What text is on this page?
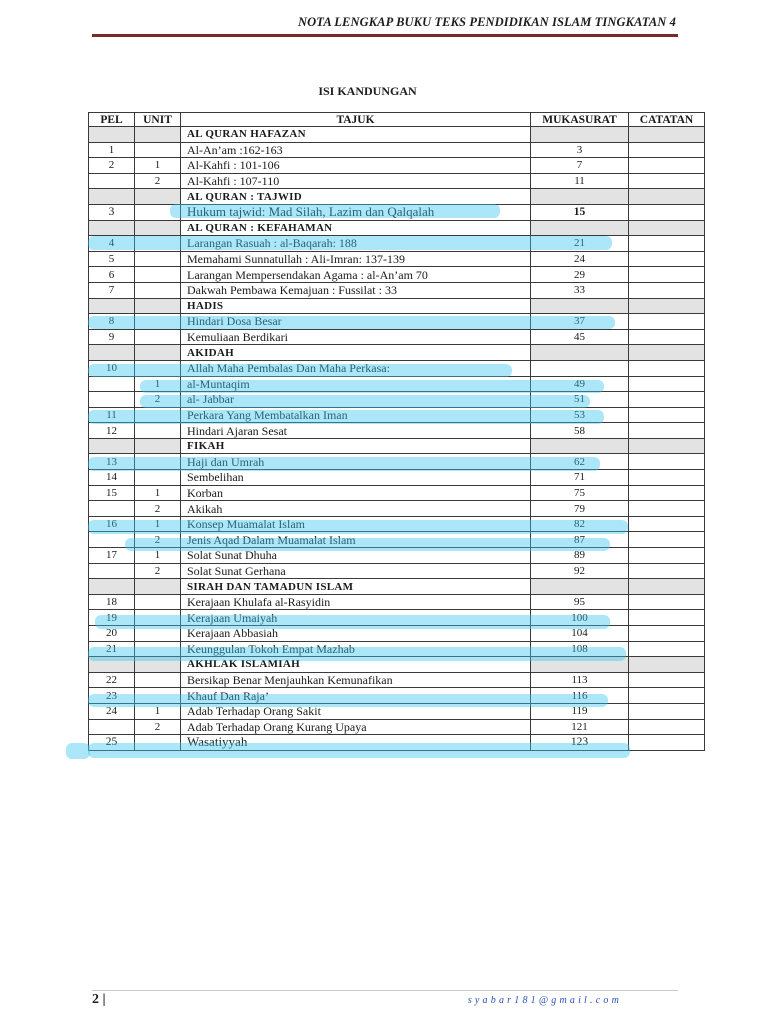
NOTA LENGKAP BUKU TEKS PENDIDIKAN ISLAM TINGKATAN 4
ISI KANDUNGAN
PEL	UNIT	TAJUK	MUKASURAT	CATATAN
		AL QURAN HAFAZAN		
1		Al-An’am :162-163	3	
2	1	Al-Kahfi : 101-106	7	
	2	Al-Kahfi : 107-110	11	
		AL QURAN : TAJWID		
3		Hukum tajwid: Mad Silah, Lazim dan Qalqalah	15	
		AL QURAN : KEFAHAMAN		
4		Larangan Rasuah : al-Baqarah: 188	21	
5		Memahami Sunnatullah : Ali-Imran: 137-139	24	
6		Larangan Mempersendakan Agama : al-An’am 70	29	
7		Dakwah Pembawa Kemajuan : Fussilat : 33	33	
		HADIS		
8		Hindari Dosa Besar	37	
9		Kemuliaan Berdikari	45	
		AKIDAH		
10		Allah Maha Pembalas Dan Maha Perkasa:		
	1	al-Muntaqim	49	
	2	al- Jabbar	51	
11		Perkara Yang Membatalkan Iman	53	
12		Hindari Ajaran Sesat	58	
		FIKAH		
13		Haji dan Umrah	62	
14		Sembelihan	71	
15	1	Korban	75	
	2	Akikah	79	
16	1	Konsep Muamalat Islam	82	
	2	Jenis Aqad Dalam Muamalat Islam	87	
17	1	Solat Sunat Dhuha	89	
	2	Solat Sunat Gerhana	92	
		SIRAH DAN TAMADUN ISLAM		
18		Kerajaan Khulafa al-Rasyidin	95	
19		Kerajaan Umaiyah	100	
20		Kerajaan Abbasiah	104	
21		Keunggulan Tokoh Empat Mazhab	108	
		AKHLAK ISLAMIAH		
22		Bersikap Benar Menjauhkan Kemunafikan	113	
23		Khauf Dan Raja’	116	
24	1	Adab Terhadap Orang Sakit	119	
	2	Adab Terhadap Orang Kurang Upaya	121	
25		Wasatiyyah	123	
2 |	syabar181@gmail.com
